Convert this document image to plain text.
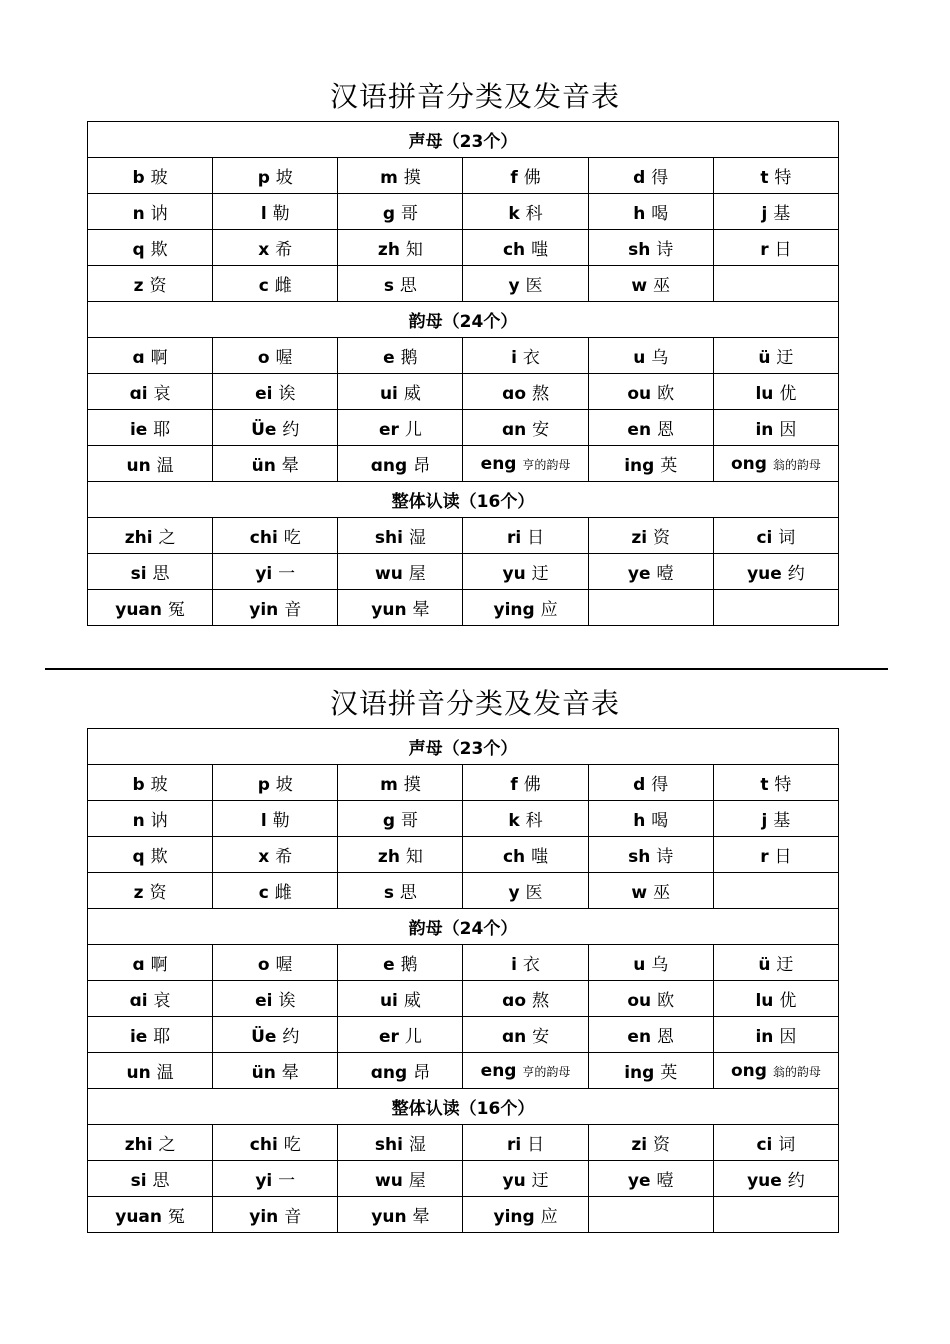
汉语拼音分类及发音表
声母（23个）					
b 玻	p 坡	m 摸	f 佛	d 得	t 特
n 讷	l 勒	g 哥	k 科	h 喝	j 基
q 欺	x 希	zh 知	ch 嗤	sh 诗	r 日
z 资	c 雌	s 思	y 医	w 巫	
韵母（24个）					
ɑ 啊	o 喔	e 鹅	i 衣	u 乌	ü 迂
ɑi 哀	ei 诶	ui 威	ɑo 熬	ou 欧	lu 优
ie 耶	Üe 约	er 儿	ɑn 安	en 恩	in 因
un 温	ün 晕	ɑng 昂	eng 亨的韵母	ing 英	ong 翁的韵母
整体认读（16个）					
zhi 之	chi 吃	shi 湿	ri 日	zi 资	ci 词
si 思	yi 一	wu 屋	yu 迂	ye 噎	yue 约
yuan 冤	yin 音	yun 晕	ying 应		
汉语拼音分类及发音表
声母（23个）					
b 玻	p 坡	m 摸	f 佛	d 得	t 特
n 讷	l 勒	g 哥	k 科	h 喝	j 基
q 欺	x 希	zh 知	ch 嗤	sh 诗	r 日
z 资	c 雌	s 思	y 医	w 巫	
韵母（24个）					
ɑ 啊	o 喔	e 鹅	i 衣	u 乌	ü 迂
ɑi 哀	ei 诶	ui 威	ɑo 熬	ou 欧	lu 优
ie 耶	Üe 约	er 儿	ɑn 安	en 恩	in 因
un 温	ün 晕	ɑng 昂	eng 亨的韵母	ing 英	ong 翁的韵母
整体认读（16个）					
zhi 之	chi 吃	shi 湿	ri 日	zi 资	ci 词
si 思	yi 一	wu 屋	yu 迂	ye 噎	yue 约
yuan 冤	yin 音	yun 晕	ying 应		
